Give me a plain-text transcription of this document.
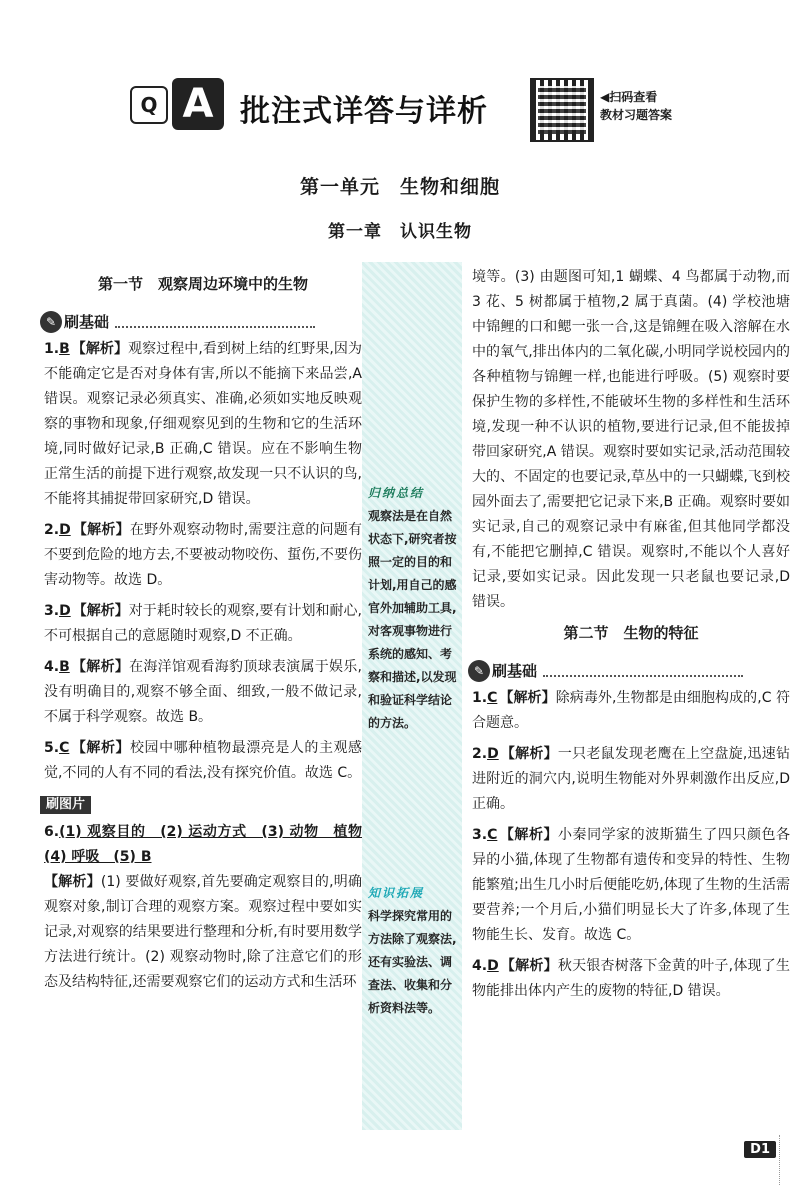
Q A 批注式详答与详析	◀扫码查看
教材习题答案
第一单元　生物和细胞
第一章　认识生物
第一节　观察周边环境中的生物
✎ 刷基础

1.B 【解析】观察过程中,看到树上结的红野果,因为不能确定它是否对身体有害,所以不能摘下来品尝,A 错误。观察记录必须真实、准确,必须如实地反映观察的事物和现象,仔细观察见到的生物和它的生活环境,同时做好记录,B 正确,C 错误。应在不影响生物正常生活的前提下进行观察,故发现一只不认识的鸟,不能将其捕捉带回家研究,D 错误。

2.D 【解析】在野外观察动物时,需要注意的问题有不要到危险的地方去,不要被动物咬伤、蜇伤,不要伤害动物等。故选 D。

3.D 【解析】对于耗时较长的观察,要有计划和耐心,不可根据自己的意愿随时观察,D 不正确。

4.B 【解析】在海洋馆观看海豹顶球表演属于娱乐,没有明确目的,观察不够全面、细致,一般不做记录,不属于科学观察。故选 B。

5.C 【解析】校园中哪种植物最漂亮是人的主观感觉,不同的人有不同的看法,没有探究价值。故选 C。

刷图片

6.(1) 观察目的　(2) 运动方式　(3) 动物　植物　(4) 呼吸　(5) B
【解析】(1) 要做好观察,首先要确定观察目的,明确观察对象,制订合理的观察方案。观察过程中要如实记录,对观察的结果要进行整理和分析,有时要用数学方法进行统计。(2) 观察动物时,除了注意它们的形态及结构特征,还需要观察它们的运动方式和生活环

归纳总结
观察法是在自然状态下,研究者按照一定的目的和计划,用自己的感官外加辅助工具,对客观事物进行系统的感知、考察和描述,以发现和验证科学结论的方法。
知识拓展
科学探究常用的方法除了观察法,还有实验法、调查法、收集和分析资料法等。

境等。(3) 由题图可知,1 蝴蝶、4 鸟都属于动物,而 3 花、5 树都属于植物,2 属于真菌。(4) 学校池塘中锦鲤的口和鳃一张一合,这是锦鲤在吸入溶解在水中的氧气,排出体内的二氧化碳,小明同学说校园内的各种植物与锦鲤一样,也能进行呼吸。(5) 观察时要保护生物的多样性,不能破坏生物的多样性和生活环境,发现一种不认识的植物,要进行记录,但不能拔掉带回家研究,A 错误。观察时要如实记录,活动范围较大的、不固定的也要记录,草丛中的一只蝴蝶,飞到校园外面去了,需要把它记录下来,B 正确。观察时要如实记录,自己的观察记录中有麻雀,但其他同学都没有,不能把它删掉,C 错误。观察时,不能以个人喜好记录,要如实记录。因此发现一只老鼠也要记录,D 错误。

第二节　生物的特征
✎ 刷基础

1.C 【解析】除病毒外,生物都是由细胞构成的,C 符合题意。

2.D 【解析】一只老鼠发现老鹰在上空盘旋,迅速钻进附近的洞穴内,说明生物能对外界刺激作出反应,D 正确。

3.C 【解析】小秦同学家的波斯猫生了四只颜色各异的小猫,体现了生物都有遗传和变异的特性、生物能繁殖;出生几小时后便能吃奶,体现了生物的生活需要营养;一个月后,小猫们明显长大了许多,体现了生物能生长、发育。故选 C。

4.D 【解析】秋天银杏树落下金黄的叶子,体现了生物能排出体内产生的废物的特征,D 错误。

D1
